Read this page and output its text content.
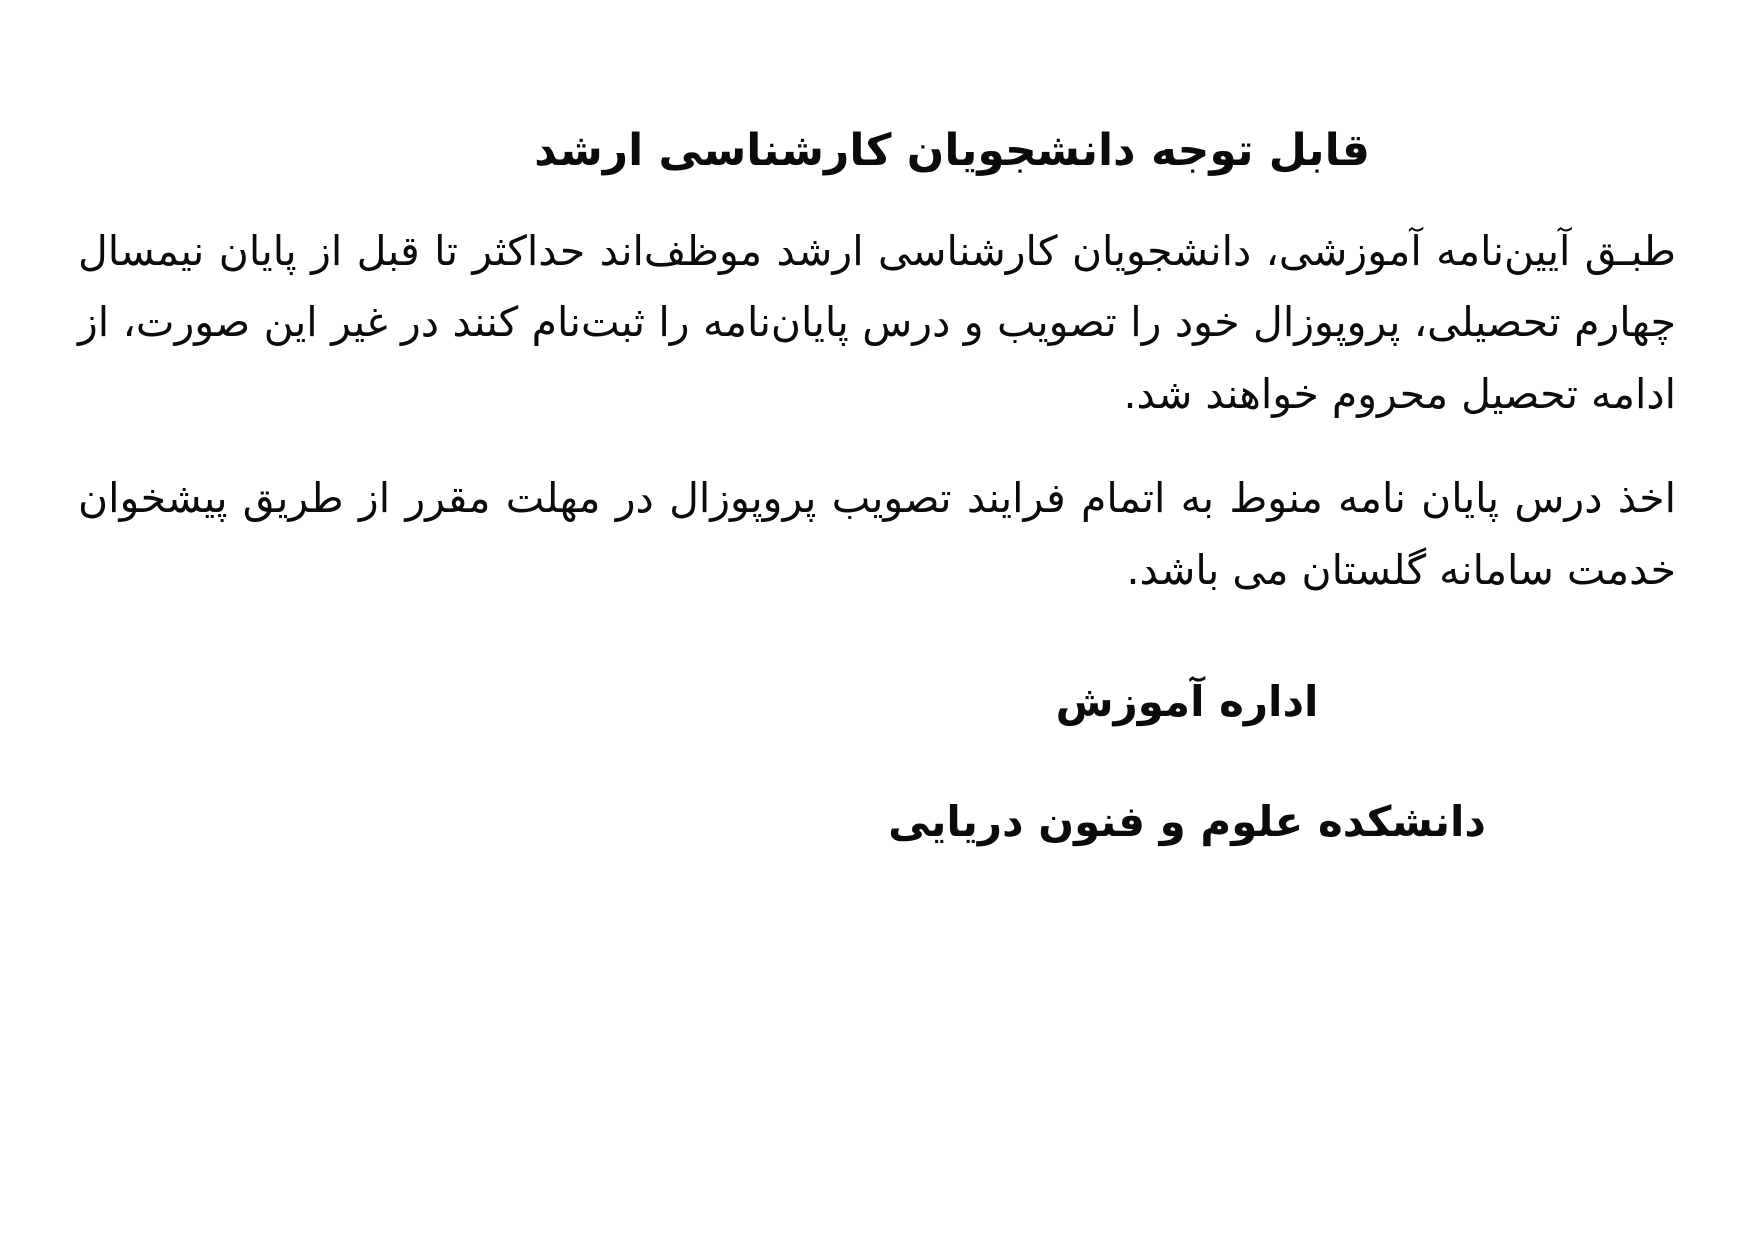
قابل توجه دانشجویان کارشناسی ارشد

طبـق آیین‌نامه آموزشی، دانشجویان کارشناسی ارشد موظف‌اند حداکثر تا قبل از پایان نیمسال چهارم تحصیلی، پروپوزال خود را تصویب و درس پایان‌نامه را ثبت‌نام کنند در غیر این صورت، از ادامه تحصیل محروم خواهند شد.

اخذ درس پایان نامه منوط به اتمام فرایند تصویب پروپوزال در مهلت مقرر از طریق پیشخوان خدمت سامانه گلستان می باشد.

اداره آموزش
دانشکده علوم و فنون دریایی
